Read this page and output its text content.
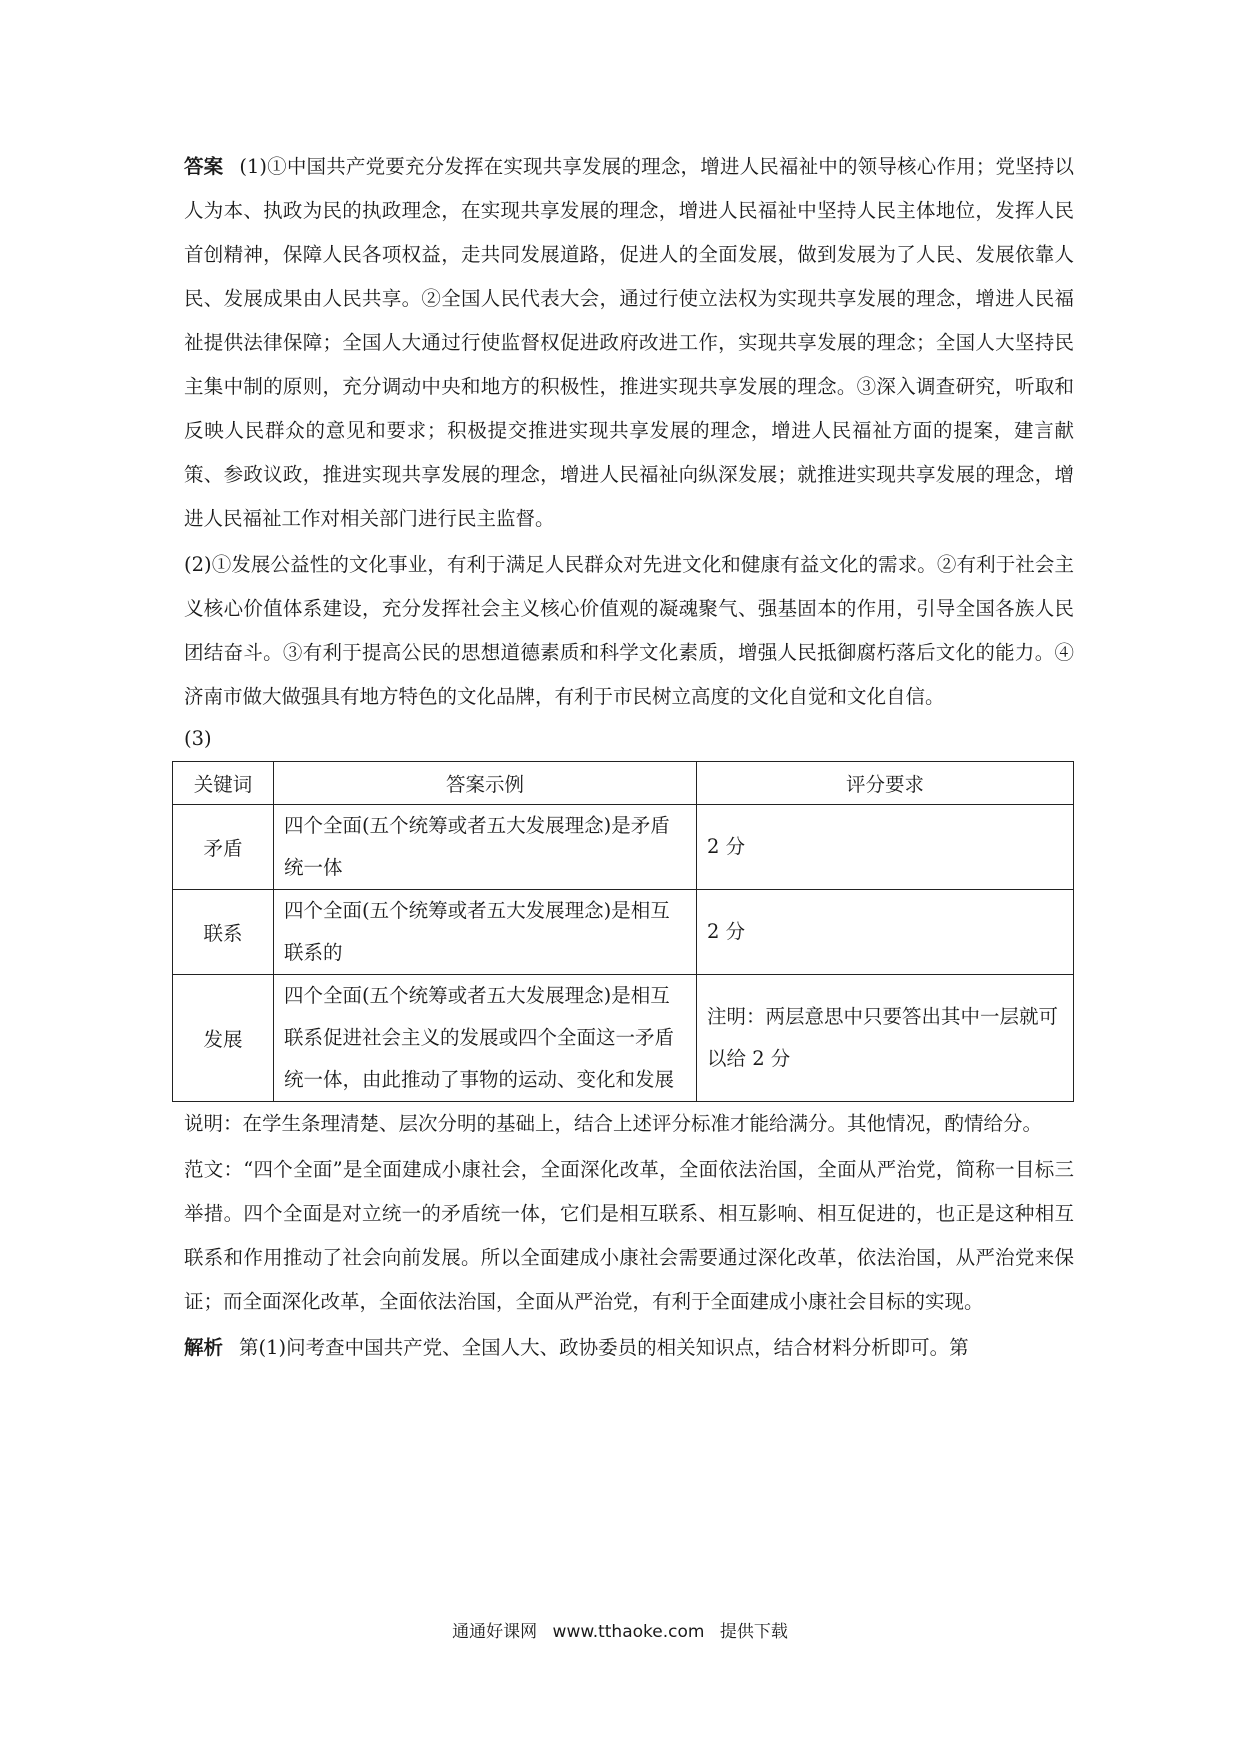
答案 (1)①中国共产党要充分发挥在实现共享发展的理念，增进人民福祉中的领导核心作用；党坚持以人为本、执政为民的执政理念，在实现共享发展的理念，增进人民福祉中坚持人民主体地位，发挥人民首创精神，保障人民各项权益，走共同发展道路，促进人的全面发展，做到发展为了人民、发展依靠人民、发展成果由人民共享。②全国人民代表大会，通过行使立法权为实现共享发展的理念，增进人民福祉提供法律保障；全国人大通过行使监督权促进政府改进工作，实现共享发展的理念；全国人大坚持民主集中制的原则，充分调动中央和地方的积极性，推进实现共享发展的理念。③深入调查研究，听取和反映人民群众的意见和要求；积极提交推进实现共享发展的理念，增进人民福祉方面的提案，建言献策、参政议政，推进实现共享发展的理念，增进人民福祉向纵深发展；就推进实现共享发展的理念，增进人民福祉工作对相关部门进行民主监督。

(2)①发展公益性的文化事业，有利于满足人民群众对先进文化和健康有益文化的需求。②有利于社会主义核心价值体系建设，充分发挥社会主义核心价值观的凝魂聚气、强基固本的作用，引导全国各族人民团结奋斗。③有利于提高公民的思想道德素质和科学文化素质，增强人民抵御腐朽落后文化的能力。④济南市做大做强具有地方特色的文化品牌，有利于市民树立高度的文化自觉和文化自信。

(3)

关键词	答案示例	评分要求
矛盾	四个全面(五个统筹或者五大发展理念)是矛盾统一体	2 分
联系	四个全面(五个统筹或者五大发展理念)是相互联系的	2 分
发展	四个全面(五个统筹或者五大发展理念)是相互联系促进社会主义的发展或四个全面这一矛盾统一体，由此推动了事物的运动、变化和发展	注明：两层意思中只要答出其中一层就可以给 2 分

说明：在学生条理清楚、层次分明的基础上，结合上述评分标准才能给满分。其他情况，酌情给分。

范文：“四个全面”是全面建成小康社会，全面深化改革，全面依法治国，全面从严治党，简称一目标三举措。四个全面是对立统一的矛盾统一体，它们是相互联系、相互影响、相互促进的，也正是这种相互联系和作用推动了社会向前发展。所以全面建成小康社会需要通过深化改革，依法治国，从严治党来保证；而全面深化改革，全面依法治国，全面从严治党，有利于全面建成小康社会目标的实现。

解析 第(1)问考查中国共产党、全国人大、政协委员的相关知识点，结合材料分析即可。第

通通好课网 www.tthaoke.com 提供下载
